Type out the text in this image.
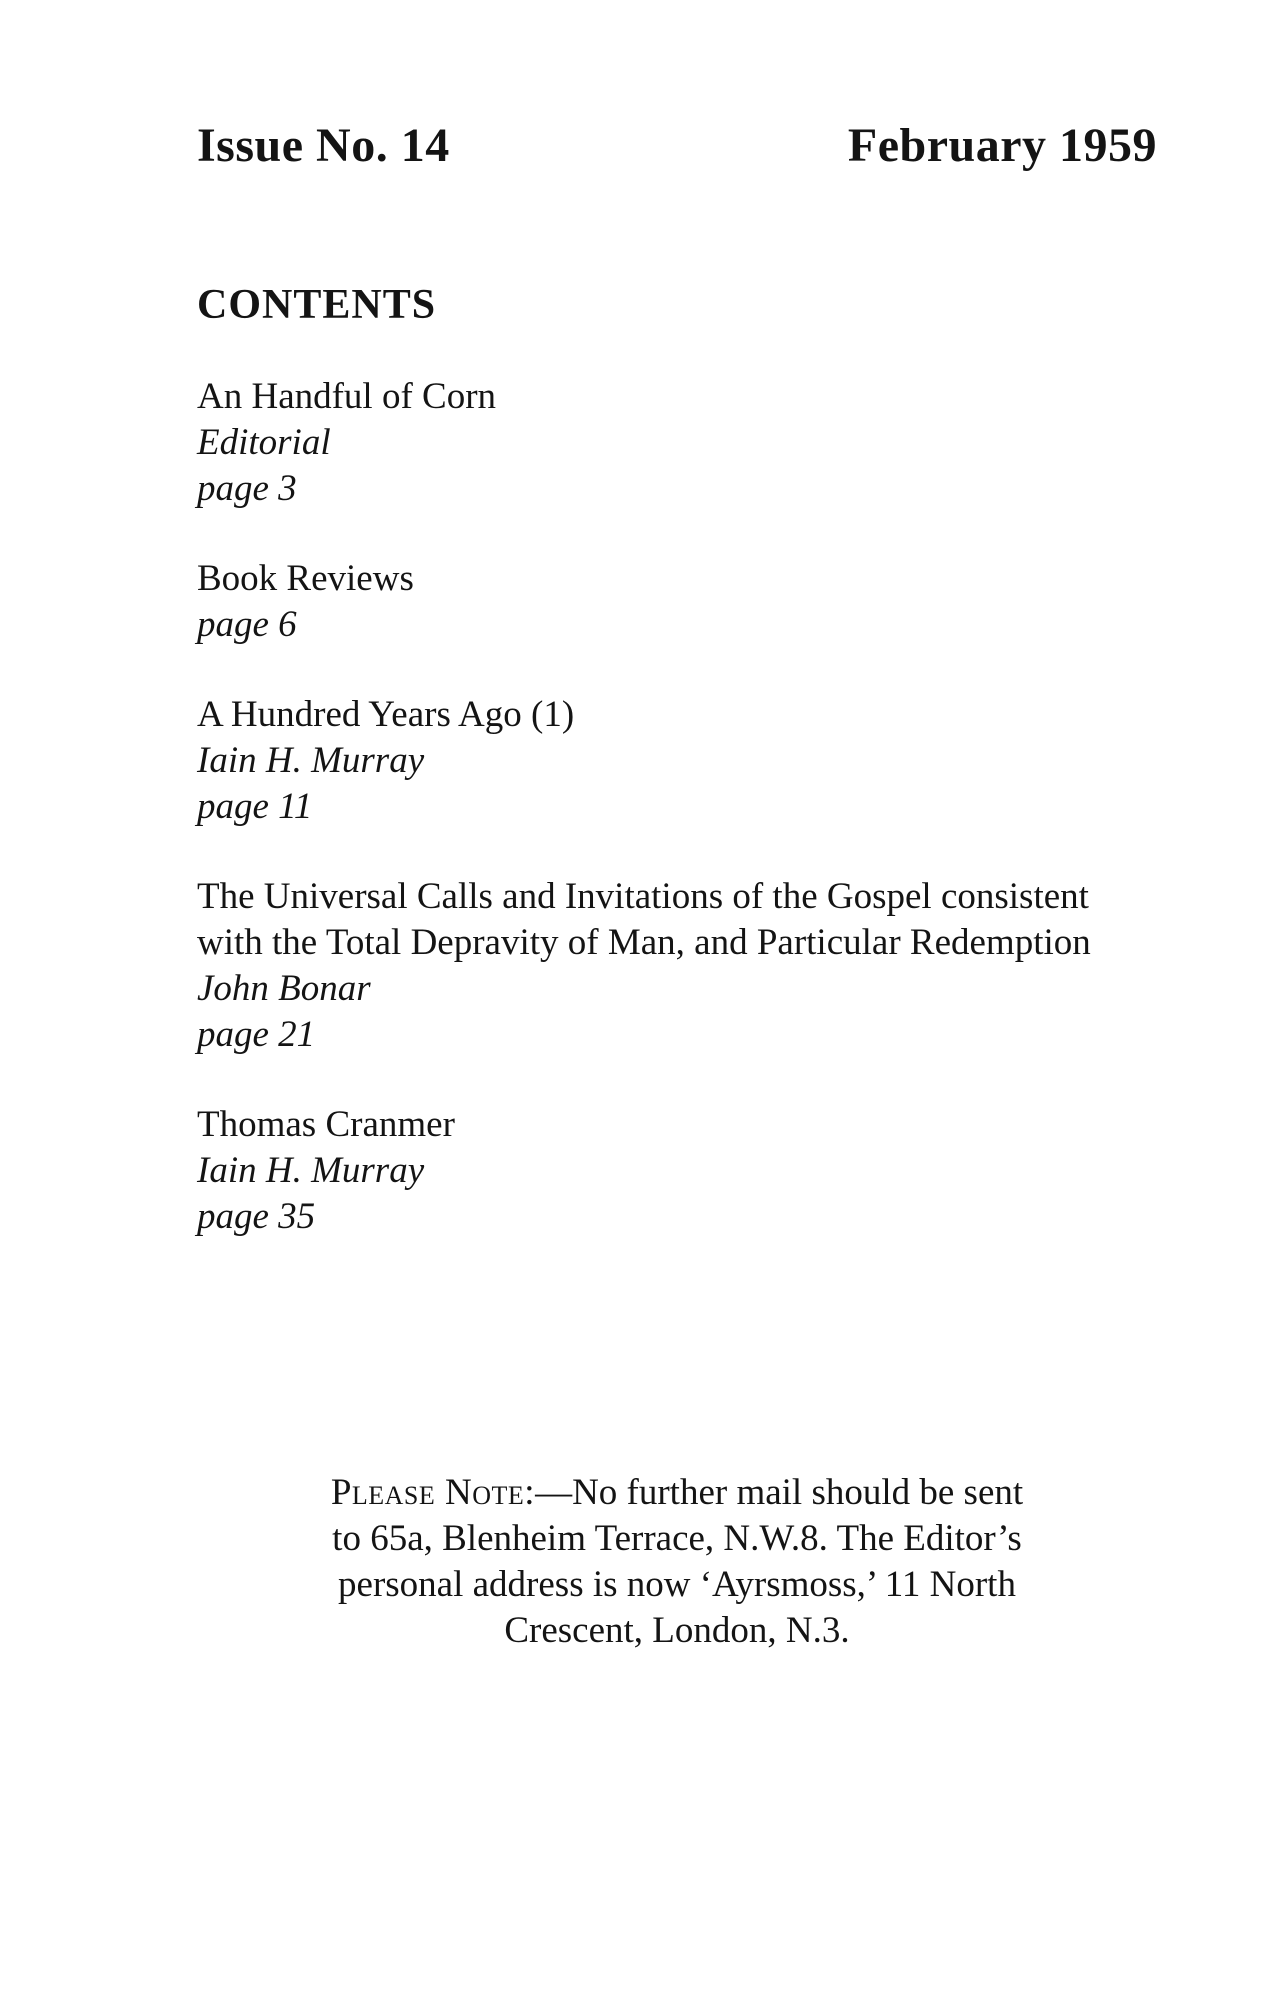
Issue No. 14	February 1959
CONTENTS
An Handful of Corn
Editorial
page 3
Book Reviews
page 6
A Hundred Years Ago (1)
Iain H. Murray
page 11
The Universal Calls and Invitations of the Gospel consistent with the Total Depravity of Man, and Particular Redemption
John Bonar
page 21
Thomas Cranmer
Iain H. Murray
page 35
Please Note:—No further mail should be sent to 65a, Blenheim Terrace, N.W.8. The Editor’s personal address is now ‘Ayrsmoss,’ 11 North Crescent, London, N.3.
